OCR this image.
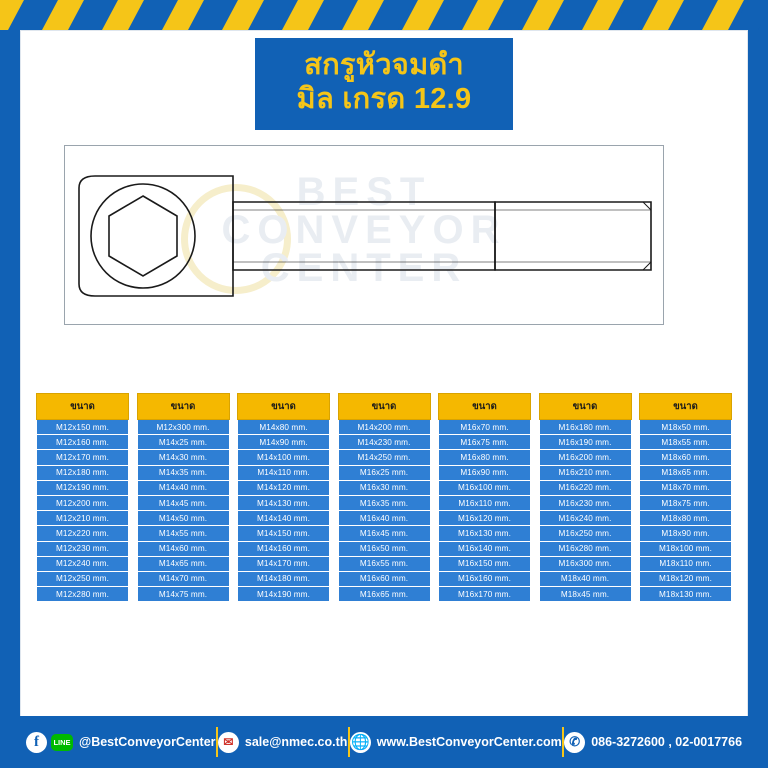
สกรูหัวจมดำ
มิล เกรด 12.9
BEST
CONVEYOR
CENTER
ขนาด
M12x150 mm.
M12x160 mm.
M12x170 mm.
M12x180 mm.
M12x190 mm.
M12x200 mm.
M12x210 mm.
M12x220 mm.
M12x230 mm.
M12x240 mm.
M12x250 mm.
M12x280 mm.
ขนาด
M12x300 mm.
M14x25 mm.
M14x30 mm.
M14x35 mm.
M14x40 mm.
M14x45 mm.
M14x50 mm.
M14x55 mm.
M14x60 mm.
M14x65 mm.
M14x70 mm.
M14x75 mm.
ขนาด
M14x80 mm.
M14x90 mm.
M14x100 mm.
M14x110 mm.
M14x120 mm.
M14x130 mm.
M14x140 mm.
M14x150 mm.
M14x160 mm.
M14x170 mm.
M14x180 mm.
M14x190 mm.
ขนาด
M14x200 mm.
M14x230 mm.
M14x250 mm.
M16x25 mm.
M16x30 mm.
M16x35 mm.
M16x40 mm.
M16x45 mm.
M16x50 mm.
M16x55 mm.
M16x60 mm.
M16x65 mm.
ขนาด
M16x70 mm.
M16x75 mm.
M16x80 mm.
M16x90 mm.
M16x100 mm.
M16x110 mm.
M16x120 mm.
M16x130 mm.
M16x140 mm.
M16x150 mm.
M16x160 mm.
M16x170 mm.
ขนาด
M16x180 mm.
M16x190 mm.
M16x200 mm.
M16x210 mm.
M16x220 mm.
M16x230 mm.
M16x240 mm.
M16x250 mm.
M16x280 mm.
M16x300 mm.
M18x40 mm.
M18x45 mm.
ขนาด
M18x50 mm.
M18x55 mm.
M18x60 mm.
M18x65 mm.
M18x70 mm.
M18x75 mm.
M18x80 mm.
M18x90 mm.
M18x100 mm.
M18x110 mm.
M18x120 mm.
M18x130 mm.
f	LINE @BestConveyorCenter ✉ sale@nmec.co.th 🌐 www.BestConveyorCenter.com ✆ 086-3272600 , 02-0017766
